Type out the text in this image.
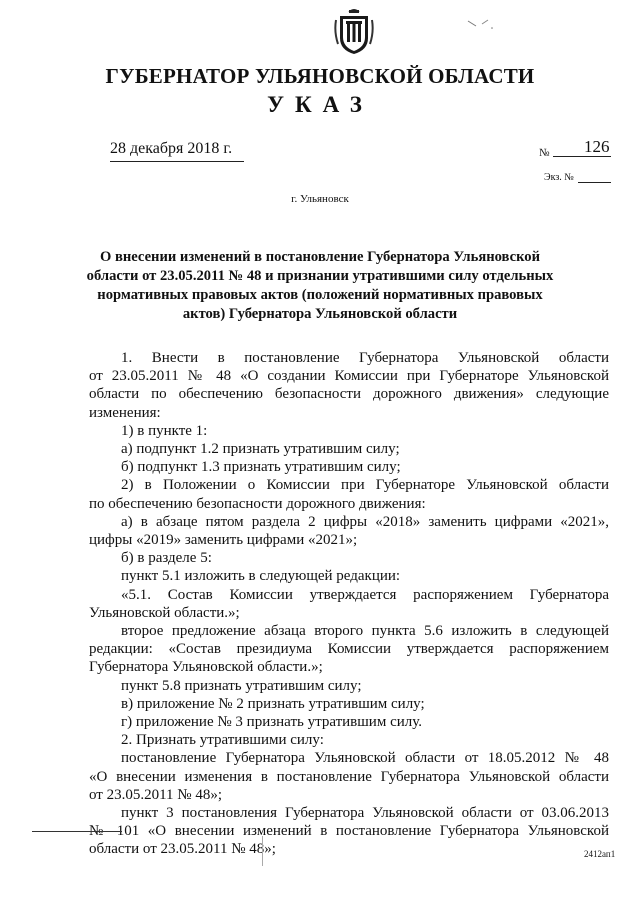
ГУБЕРНАТОР УЛЬЯНОВСКОЙ ОБЛАСТИ
УКАЗ
28 декабря 2018 г.	№ 126
Экз. №
г. Ульяновск
О внесении изменений в постановление Губернатора Ульяновской области от 23.05.2011 № 48 и признании утратившими силу отдельных нормативных правовых актов (положений нормативных правовых актов) Губернатора Ульяновской области

1. Внести в постановление Губернатора Ульяновской области

от 23.05.2011 № 48 «О создании Комиссии при Губернаторе Ульяновской

области по обеспечению безопасности дорожного движения» следующие

изменения:

1) в пункте 1:

а) подпункт 1.2 признать утратившим силу;

б) подпункт 1.3 признать утратившим силу;

2) в Положении о Комиссии при Губернаторе Ульяновской области

по обеспечению безопасности дорожного движения:

а) в абзаце пятом раздела 2 цифры «2018» заменить цифрами «2021»,

цифры «2019» заменить цифрами «2021»;

б) в разделе 5:

пункт 5.1 изложить в следующей редакции:

«5.1. Состав Комиссии утверждается распоряжением Губернатора

Ульяновской области.»;

второе предложение абзаца второго пункта 5.6 изложить в следующей

редакции: «Состав президиума Комиссии утверждается распоряжением

Губернатора Ульяновской области.»;

пункт 5.8 признать утратившим силу;

в) приложение № 2 признать утратившим силу;

г) приложение № 3 признать утратившим силу.

2. Признать утратившими силу:

постановление Губернатора Ульяновской области от 18.05.2012 № 48

«О внесении изменения в постановление Губернатора Ульяновской области

от 23.05.2011 № 48»;

пункт 3 постановления Губернатора Ульяновской области от 03.06.2013

№ 101 «О внесении изменений в постановление Губернатора Ульяновской

области от 23.05.2011 № 48»;	2412ап1
